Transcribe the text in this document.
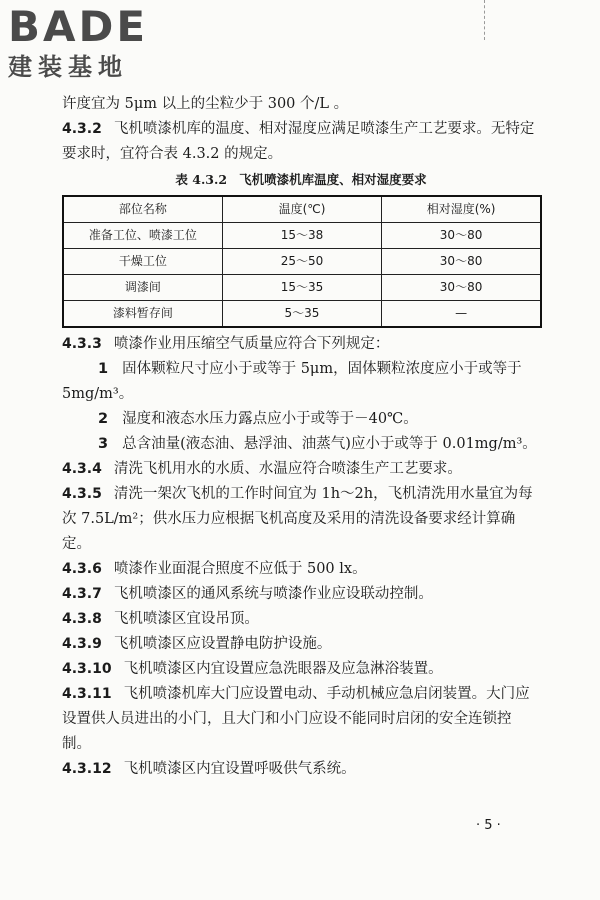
BADE
建装基地

许度宜为 5μm 以上的尘粒少于 300 个/L 。

4.3.2 飞机喷漆机库的温度、相对湿度应满足喷漆生产工艺要求。无特定要求时，宜符合表 4.3.2 的规定。

表 4.3.2 飞机喷漆机库温度、相对湿度要求
部位名称	温度(℃)	相对湿度(%)
准备工位、喷漆工位	15～38	30～80
干燥工位	25～50	30～80
调漆间	15～35	30～80
漆料暂存间	5～35	—

4.3.3 喷漆作业用压缩空气质量应符合下列规定：

1 固体颗粒尺寸应小于或等于 5μm，固体颗粒浓度应小于或等于 5mg/m³。

2 湿度和液态水压力露点应小于或等于－40℃。

3 总含油量(液态油、悬浮油、油蒸气)应小于或等于 0.01mg/m³。

4.3.4 清洗飞机用水的水质、水温应符合喷漆生产工艺要求。

4.3.5 清洗一架次飞机的工作时间宜为 1h～2h，飞机清洗用水量宜为每次 7.5L/m²；供水压力应根据飞机高度及采用的清洗设备要求经计算确定。

4.3.6 喷漆作业面混合照度不应低于 500 lx。

4.3.7 飞机喷漆区的通风系统与喷漆作业应设联动控制。

4.3.8 飞机喷漆区宜设吊顶。

4.3.9 飞机喷漆区应设置静电防护设施。

4.3.10 飞机喷漆区内宜设置应急洗眼器及应急淋浴装置。

4.3.11 飞机喷漆机库大门应设置电动、手动机械应急启闭装置。大门应设置供人员进出的小门，且大门和小门应设不能同时启闭的安全连锁控制。

4.3.12 飞机喷漆区内宜设置呼吸供气系统。

· 5 ·
